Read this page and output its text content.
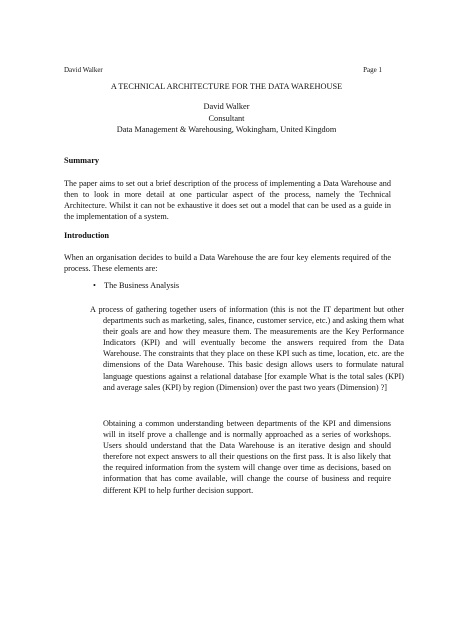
David Walker	Page 1
A TECHNICAL ARCHITECTURE FOR THE DATA WAREHOUSE
David Walker
Consultant
Data Management & Warehousing, Wokingham, United Kingdom
Summary

The paper aims to set out a brief description of the process of implementing a Data Warehouse and then to look in more detail at one particular aspect of the process, namely the Technical Architecture. Whilst it can not be exhaustive it does set out a model that can be used as a guide in the implementation of a system.

Introduction

When an organisation decides to build a Data Warehouse the are four key elements required of the process. These elements are:

• The Business Analysis

A process of gathering together users of information (this is not the IT department but other departments such as marketing, sales, finance, customer service, etc.) and asking them what their goals are and how they measure them. The measurements are the Key Performance Indicators (KPI) and will eventually become the answers required from the Data Warehouse. The constraints that they place on these KPI such as time, location, etc. are the dimensions of the Data Warehouse. This basic design allows users to formulate natural language questions against a relational database [for example What is the total sales (KPI) and average sales (KPI) by region (Dimension) over the past two years (Dimension) ?]

Obtaining a common understanding between departments of the KPI and dimensions will in itself prove a challenge and is normally approached as a series of workshops. Users should understand that the Data Warehouse is an iterative design and should therefore not expect answers to all their questions on the first pass. It is also likely that the required information from the system will change over time as decisions, based on information that has come available, will change the course of business and require different KPI to help further decision support.
